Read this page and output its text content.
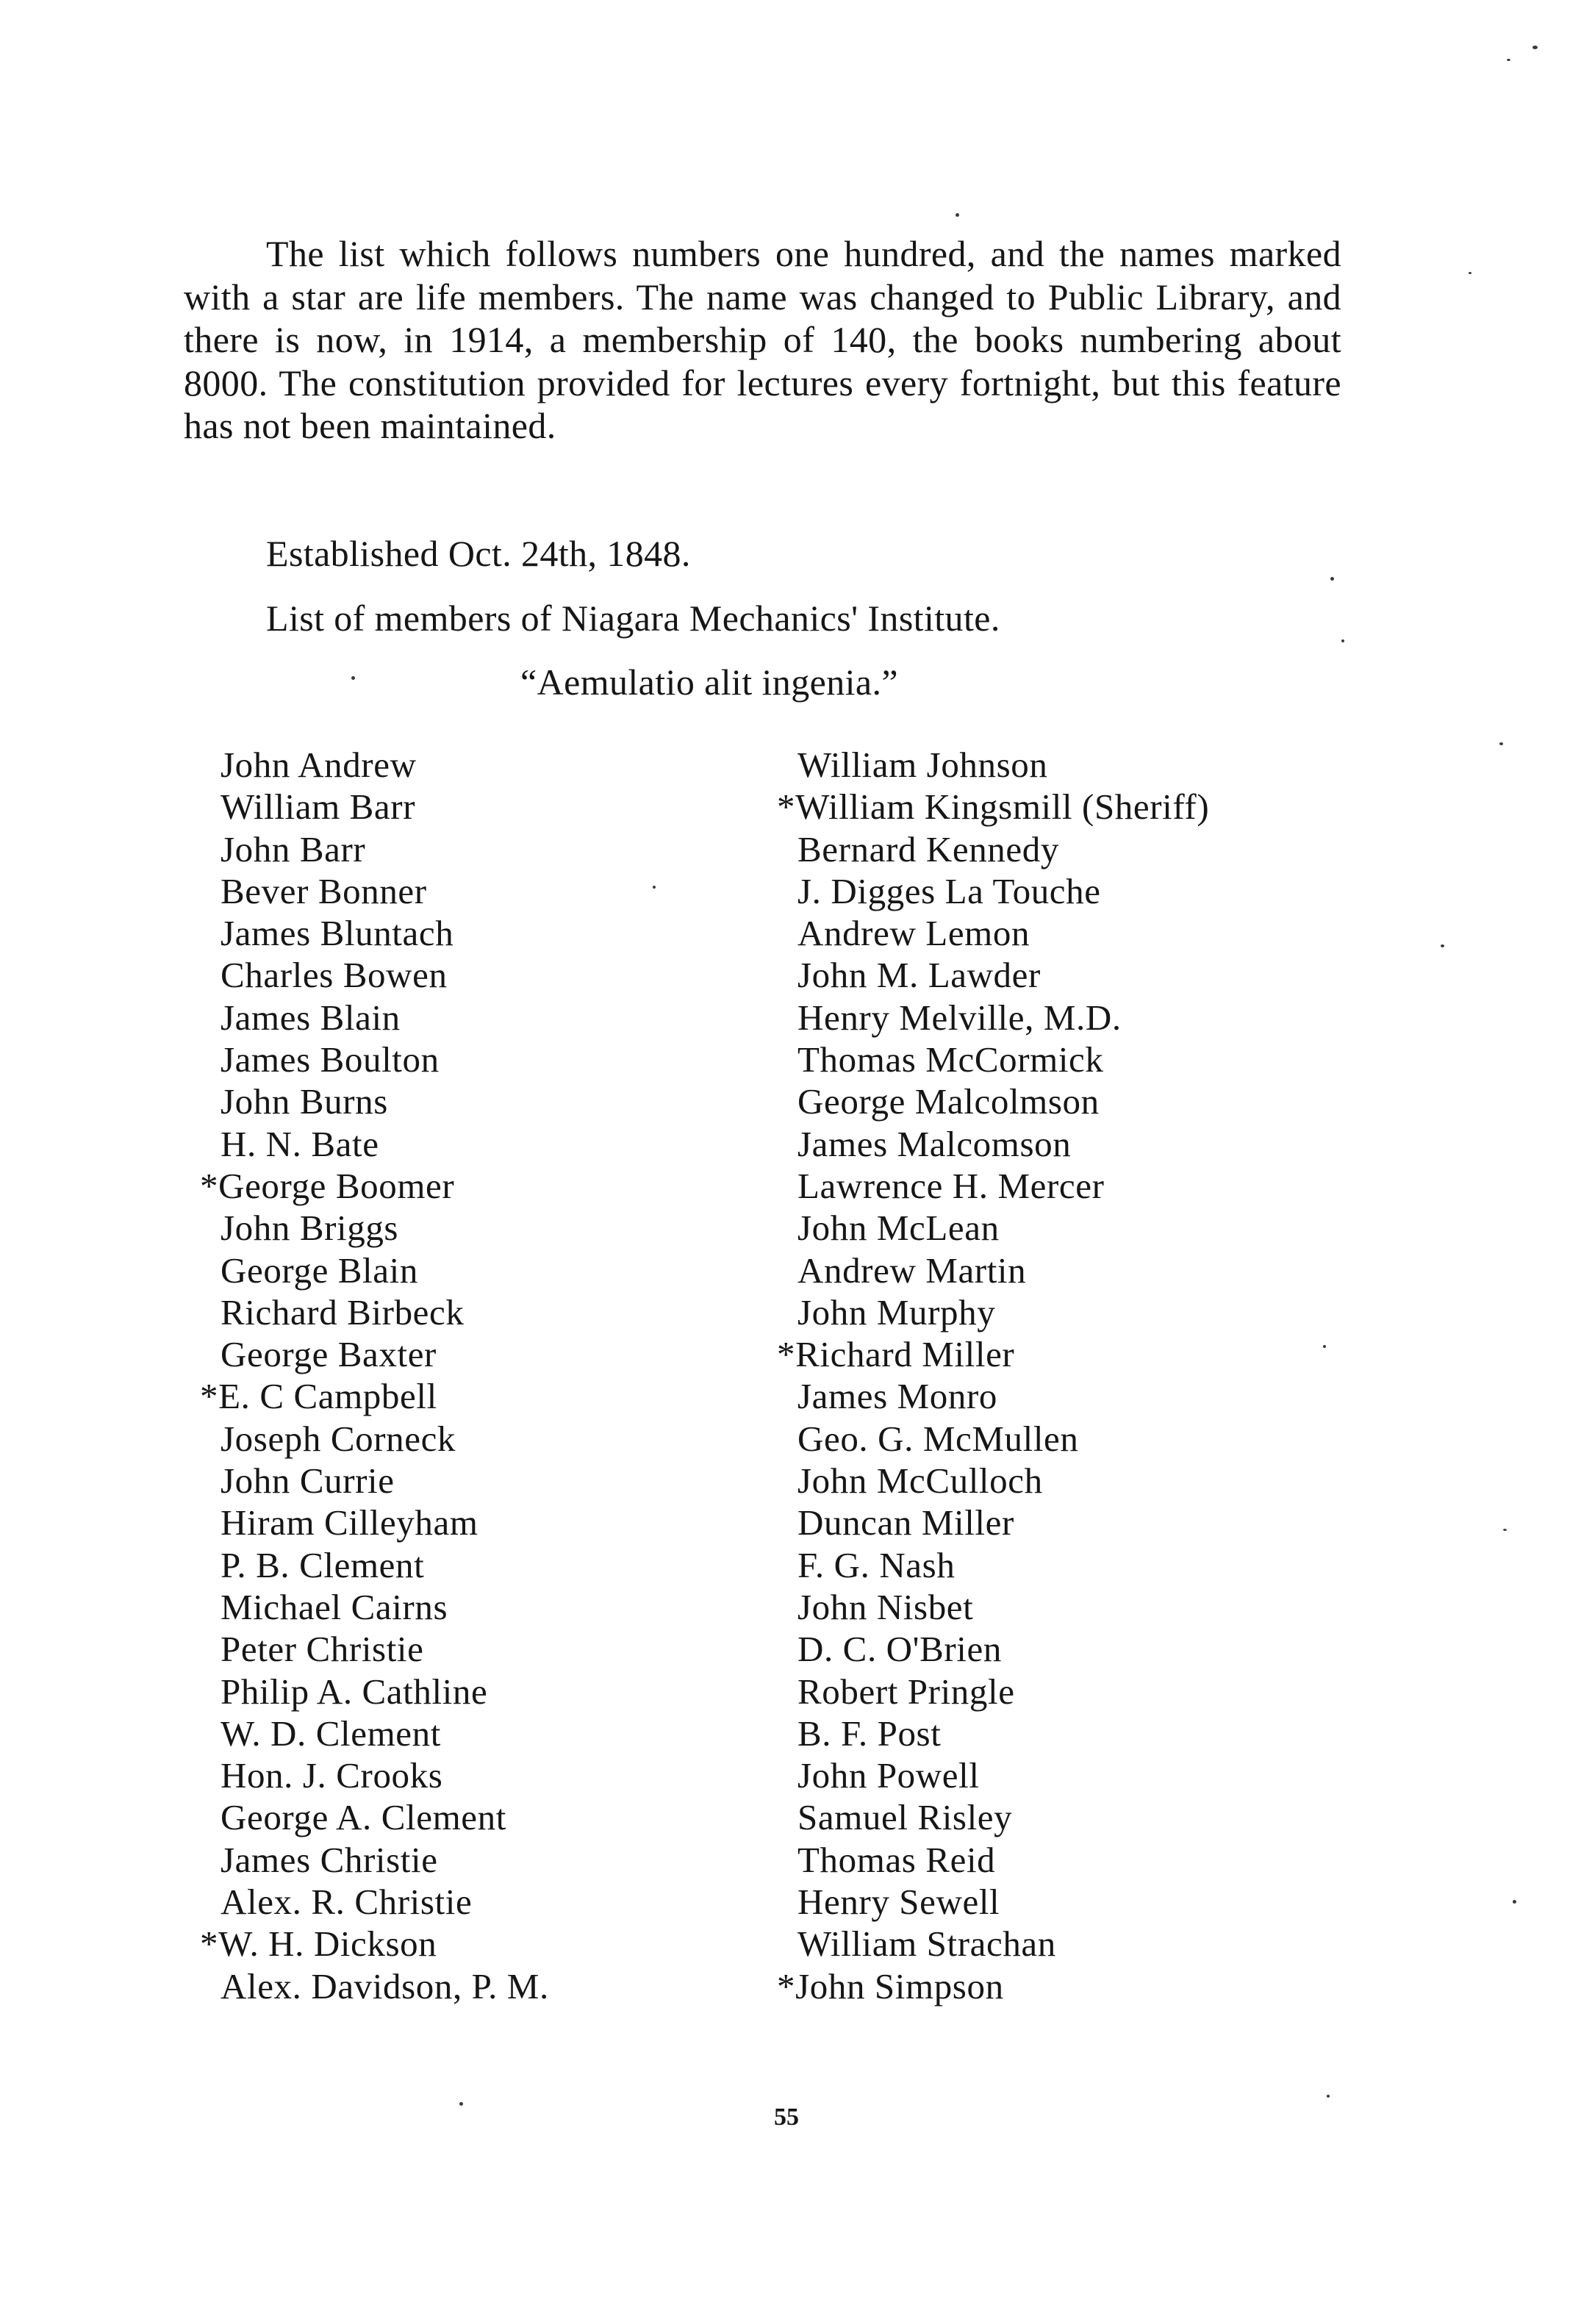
The list which follows numbers one hundred, and the names marked with a star are life members. The name was changed to Public Library, and there is now, in 1914, a membership of 140, the books numbering about 8000. The constitution provided for lectures every fortnight, but this feature has not been maintained.

Established Oct. 24th, 1848.

List of members of Niagara Mechanics' Institute.

“Aemulatio alit ingenia.”

John Andrew
William Barr
John Barr
Bever Bonner
James Bluntach
Charles Bowen
James Blain
James Boulton
John Burns
H. N. Bate
*George Boomer
John Briggs
George Blain
Richard Birbeck
George Baxter
*E. C Campbell
Joseph Corneck
John Currie
Hiram Cilleyham
P. B. Clement
Michael Cairns
Peter Christie
Philip A. Cathline
W. D. Clement
Hon. J. Crooks
George A. Clement
James Christie
Alex. R. Christie
*W. H. Dickson
Alex. Davidson, P. M.
William Johnson
*William Kingsmill (Sheriff)
Bernard Kennedy
J. Digges La Touche
Andrew Lemon
John M. Lawder
Henry Melville, M.D.
Thomas McCormick
George Malcolmson
James Malcomson
Lawrence H. Mercer
John McLean
Andrew Martin
John Murphy
*Richard Miller
James Monro
Geo. G. McMullen
John McCulloch
Duncan Miller
F. G. Nash
John Nisbet
D. C. O'Brien
Robert Pringle
B. F. Post
John Powell
Samuel Risley
Thomas Reid
Henry Sewell
William Strachan
*John Simpson

55
